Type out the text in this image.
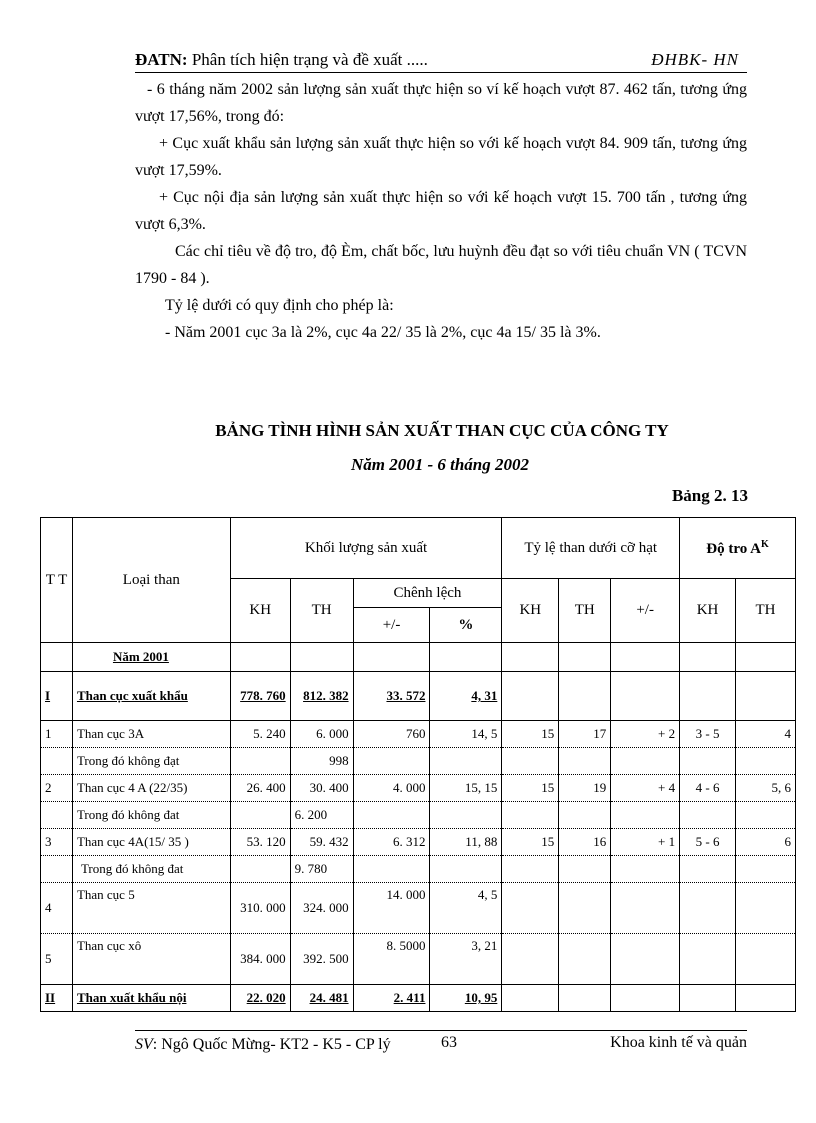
ĐATN: Phân tích hiện trạng và đề xuất .....	ĐHBK- HN

- 6 tháng năm 2002 sản lượng sản xuất thực hiện so ví kế hoạch vượt 87. 462 tấn, tương ứng vượt 17,56%, trong đó:

+ Cục xuất khẩu sản lượng sản xuất thực hiện so với kế hoạch vượt 84. 909 tấn, tương ứng vượt 17,59%.

+ Cục nội địa sản lượng sản xuất thực hiện so với kế hoạch vượt 15. 700 tấn , tương ứng vượt 6,3%.

Các chỉ tiêu về độ tro, độ Èm, chất bốc, lưu huỳnh đều đạt so với tiêu chuẩn VN ( TCVN 1790 - 84 ).

Tỷ lệ dưới có quy định cho phép là:

- Năm 2001 cục 3a là 2%, cục 4a 22/ 35 là 2%, cục 4a 15/ 35 là 3%.

BẢNG TÌNH HÌNH SẢN XUẤT THAN CỤC CỦA CÔNG TY
Năm 2001 - 6 tháng 2002
Bảng 2. 13
T T	Loại than	Khối lượng sản xuất				Tỷ lệ than dưới cỡ hạt			Độ tro $A^K$
		KH	TH	Chênh lệch		KH	TH	+/-	KH	TH
				+/-	%					
	Năm 2001									
I	Than cục xuất khẩu	778. 760	812. 382	33. 572	4, 31					
1	Than cục 3A	5. 240	6. 000	760	14, 5	15	17	+ 2	3 - 5	4
	Trong đó không đạt		998							
2	Than cục 4 A (22/35)	26. 400	30. 400	4. 000	15, 15	15	19	+ 4	4 - 6	5, 6
	Trong đó không đat		6. 200							
3	Than cục 4A(15/ 35 )	53. 120	59. 432	6. 312	11, 88	15	16	+ 1	5 - 6	6
	Trong đó không đat		9. 780							
4	Than cục 5	310. 000	324. 000	14. 000	4, 5					
5	Than cục xô	384. 000	392. 500	8. 5000	3, 21					
II	Than xuất khẩu nội	22. 020	24. 481	2. 411	10, 95					
SV: Ngô Quốc Mừng- KT2 - K5 - CP lý	63	Khoa kinh tế và quản
